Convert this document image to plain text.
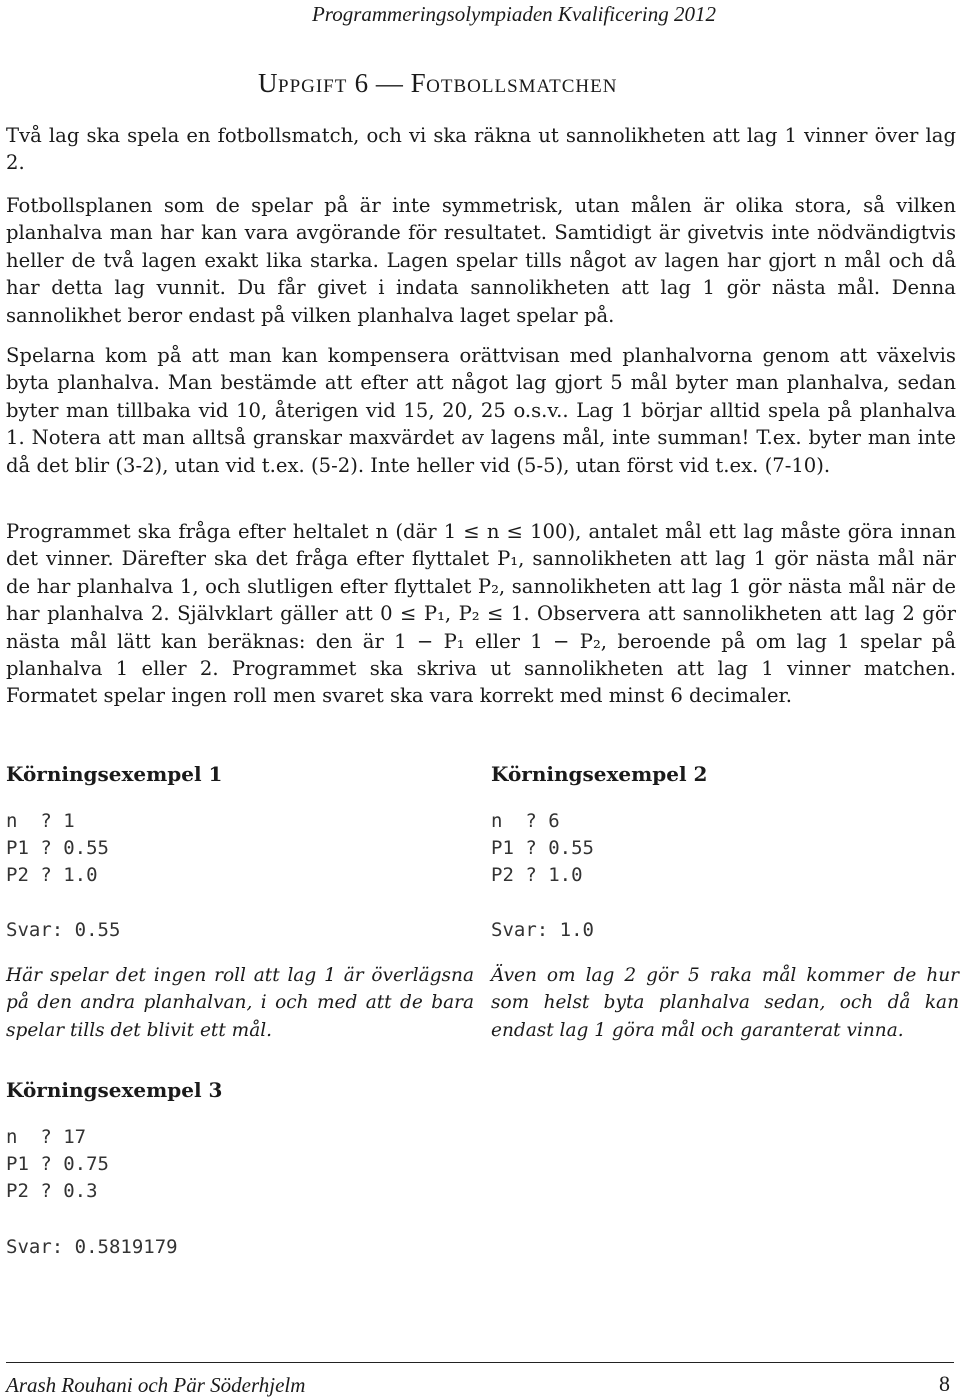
Programmeringsolympiaden Kvalificering 2012
UPPGIFT 6 — FOTBOLLSMATCHEN

Två lag ska spela en fotbollsmatch, och vi ska räkna ut sannolikheten att lag 1 vinner över lag 2.

Fotbollsplanen som de spelar på är inte symmetrisk, utan målen är olika stora, så vilken planhalva man har kan vara avgörande för resultatet. Samtidigt är givetvis inte nödvändigtvis heller de två lagen exakt lika starka. Lagen spelar tills något av lagen har gjort n mål och då har detta lag vunnit. Du får givet i indata sannolikheten att lag 1 gör nästa mål. Denna sannolikhet beror endast på vilken planhalva laget spelar på.

Spelarna kom på att man kan kompensera orättvisan med planhalvorna genom att växelvis byta planhalva. Man bestämde att efter att något lag gjort 5 mål byter man planhalva, sedan byter man tillbaka vid 10, återigen vid 15, 20, 25 o.s.v.. Lag 1 börjar alltid spela på planhalva 1. Notera att man alltså granskar maxvärdet av lagens mål, inte summan! T.ex. byter man inte då det blir (3-2), utan vid t.ex. (5-2). Inte heller vid (5-5), utan först vid t.ex. (7-10).

Programmet ska fråga efter heltalet n (där 1 ≤ n ≤ 100), antalet mål ett lag måste göra innan det vinner. Därefter ska det fråga efter flyttalet P₁, sannolikheten att lag 1 gör nästa mål när de har planhalva 1, och slutligen efter flyttalet P₂, sannolikheten att lag 1 gör nästa mål när de har planhalva 2. Självklart gäller att 0 ≤ P₁, P₂ ≤ 1. Observera att sannolikheten att lag 2 gör nästa mål lätt kan beräknas: den är 1 − P₁ eller 1 − P₂, beroende på om lag 1 spelar på planhalva 1 eller 2. Programmet ska skriva ut sannolikheten att lag 1 vinner matchen. Formatet spelar ingen roll men svaret ska vara korrekt med minst 6 decimaler.

Körningsexempel 1
n  ? 1
P1 ? 0.55
P2 ? 1.0
Svar: 0.55

Här spelar det ingen roll att lag 1 är överlägsna på den andra planhalvan, i och med att de bara spelar tills det blivit ett mål.

Körningsexempel 2
n  ? 6
P1 ? 0.55
P2 ? 1.0
Svar: 1.0

Även om lag 2 gör 5 raka mål kommer de hur som helst byta planhalva sedan, och då kan endast lag 1 göra mål och garanterat vinna.

Körningsexempel 3
n  ? 17
P1 ? 0.75
P2 ? 0.3
Svar: 0.5819179
Arash Rouhani och Pär Söderhjelm	8
